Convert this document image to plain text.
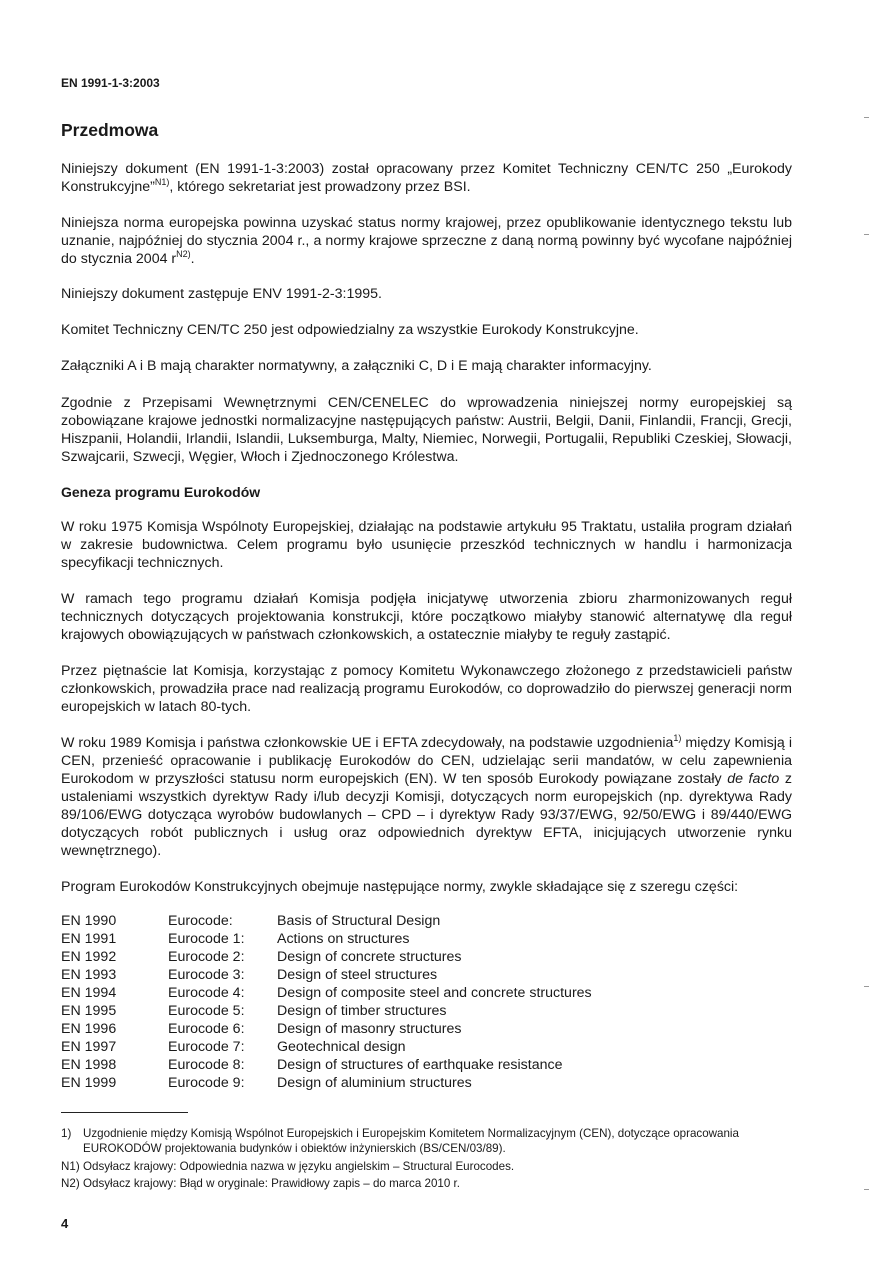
EN 1991-1-3:2003
Przedmowa

Niniejszy dokument (EN 1991-1-3:2003) został opracowany przez Komitet Techniczny CEN/TC 250 „Eurokody Konstrukcyjne”$^{N1)}$, którego sekretariat jest prowadzony przez BSI.

Niniejsza norma europejska powinna uzyskać status normy krajowej, przez opublikowanie identycznego tekstu lub uznanie, najpóźniej do stycznia 2004 r., a normy krajowe sprzeczne z daną normą powinny być wycofane najpóźniej do stycznia 2004 $r^{N2)}$.

Niniejszy dokument zastępuje ENV 1991-2-3:1995.

Komitet Techniczny CEN/TC 250 jest odpowiedzialny za wszystkie Eurokody Konstrukcyjne.

Załączniki A i B mają charakter normatywny, a załączniki C, D i E mają charakter informacyjny.

Zgodnie z Przepisami Wewnętrznymi CEN/CENELEC do wprowadzenia niniejszej normy europejskiej są zobowiązane krajowe jednostki normalizacyjne następujących państw: Austrii, Belgii, Danii, Finlandii, Francji, Grecji, Hiszpanii, Holandii, Irlandii, Islandii, Luksemburga, Malty, Niemiec, Norwegii, Portugalii, Republiki Czeskiej, Słowacji, Szwajcarii, Szwecji, Węgier, Włoch i Zjednoczonego Królestwa.

Geneza programu Eurokodów

W roku 1975 Komisja Wspólnoty Europejskiej, działając na podstawie artykułu 95 Traktatu, ustaliła program działań w zakresie budownictwa. Celem programu było usunięcie przeszkód technicznych w handlu i harmonizacja specyfikacji technicznych.

W ramach tego programu działań Komisja podjęła inicjatywę utworzenia zbioru zharmonizowanych reguł technicznych dotyczących projektowania konstrukcji, które początkowo miałyby stanowić alternatywę dla reguł krajowych obowiązujących w państwach członkowskich, a ostatecznie miałyby te reguły zastąpić.

Przez piętnaście lat Komisja, korzystając z pomocy Komitetu Wykonawczego złożonego z przedstawicieli państw członkowskich, prowadziła prace nad realizacją programu Eurokodów, co doprowadziło do pierwszej generacji norm europejskich w latach 80-tych.

W roku 1989 Komisja i państwa członkowskie UE i EFTA zdecydowały, na podstawie uzgodnienia$^{1)}$ między Komisją i CEN, przenieść opracowanie i publikację Eurokodów do CEN, udzielając serii mandatów, w celu zapewnienia Eurokodom w przyszłości statusu norm europejskich (EN). W ten sposób Eurokody powiązane zostały de facto z ustaleniami wszystkich dyrektyw Rady i/lub decyzji Komisji, dotyczących norm europejskich (np. dyrektywa Rady 89/106/EWG dotycząca wyrobów budowlanych – CPD – i dyrektyw Rady 93/37/EWG, 92/50/EWG i 89/440/EWG dotyczących robót publicznych i usług oraz odpowiednich dyrektyw EFTA, inicjujących utworzenie rynku wewnętrznego).

Program Eurokodów Konstrukcyjnych obejmuje następujące normy, zwykle składające się z szeregu części:

EN 1990	Eurocode:	Basis of Structural Design
EN 1991	Eurocode 1:	Actions on structures
EN 1992	Eurocode 2:	Design of concrete structures
EN 1993	Eurocode 3:	Design of steel structures
EN 1994	Eurocode 4:	Design of composite steel and concrete structures
EN 1995	Eurocode 5:	Design of timber structures
EN 1996	Eurocode 6:	Design of masonry structures
EN 1997	Eurocode 7:	Geotechnical design
EN 1998	Eurocode 8:	Design of structures of earthquake resistance
EN 1999	Eurocode 9:	Design of aluminium structures
1) Uzgodnienie między Komisją Wspólnot Europejskich i Europejskim Komitetem Normalizacyjnym (CEN), dotyczące opracowania EUROKODÓW projektowania budynków i obiektów inżynierskich (BS/CEN/03/89).
N1) Odsyłacz krajowy: Odpowiednia nazwa w języku angielskim – Structural Eurocodes.
N2) Odsyłacz krajowy: Błąd w oryginale: Prawidłowy zapis – do marca 2010 r.
4
